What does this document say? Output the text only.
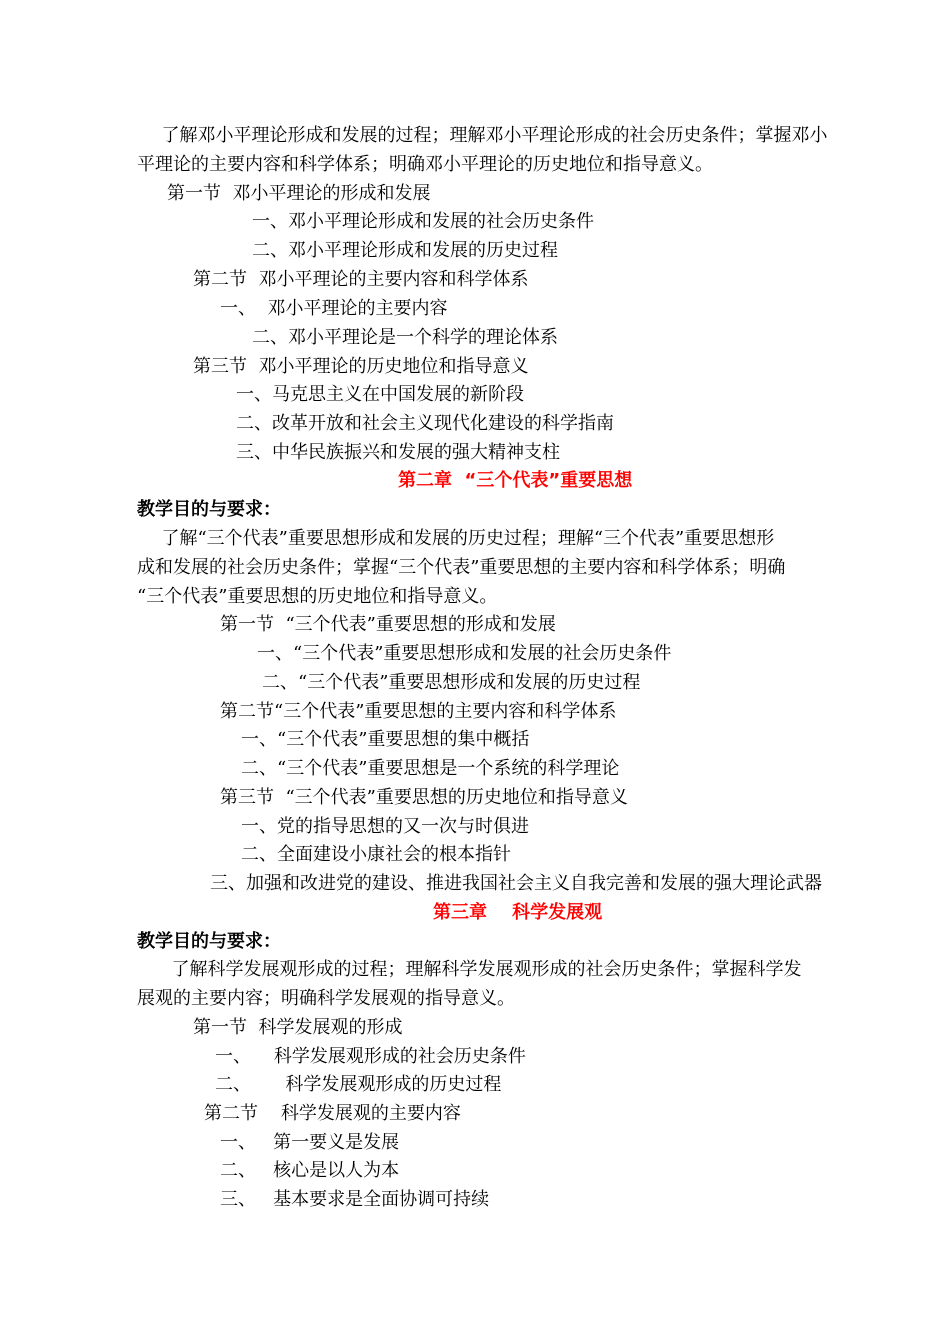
了解邓小平理论形成和发展的过程；理解邓小平理论形成的社会历史条件；掌握邓小
平理论的主要内容和科学体系；明确邓小平理论的历史地位和指导意义。
第一节  邓小平理论的形成和发展
一、邓小平理论形成和发展的社会历史条件
二、邓小平理论形成和发展的历史过程
第二节  邓小平理论的主要内容和科学体系
一、  邓小平理论的主要内容
二、邓小平理论是一个科学的理论体系
第三节  邓小平理论的历史地位和指导意义
一、马克思主义在中国发展的新阶段
二、改革开放和社会主义现代化建设的科学指南
三、中华民族振兴和发展的强大精神支柱
第二章  “三个代表”重要思想
教学目的与要求：
了解“三个代表”重要思想形成和发展的历史过程；理解“三个代表”重要思想形
成和发展的社会历史条件；掌握“三个代表”重要思想的主要内容和科学体系；明确
“三个代表”重要思想的历史地位和指导意义。
第一节  “三个代表”重要思想的形成和发展
一、“三个代表”重要思想形成和发展的社会历史条件
二、“三个代表”重要思想形成和发展的历史过程
第二节“三个代表”重要思想的主要内容和科学体系
一、“三个代表”重要思想的集中概括
二、“三个代表”重要思想是一个系统的科学理论
第三节  “三个代表”重要思想的历史地位和指导意义
一、党的指导思想的又一次与时俱进
二、全面建设小康社会的根本指针
三、加强和改进党的建设、推进我国社会主义自我完善和发展的强大理论武器
第三章    科学发展观
教学目的与要求：
了解科学发展观形成的过程；理解科学发展观形成的社会历史条件；掌握科学发
展观的主要内容；明确科学发展观的指导意义。
第一节  科学发展观的形成
一、    科学发展观形成的社会历史条件
二、      科学发展观形成的历史过程
第二节    科学发展观的主要内容
一、   第一要义是发展
二、   核心是以人为本
三、   基本要求是全面协调可持续
